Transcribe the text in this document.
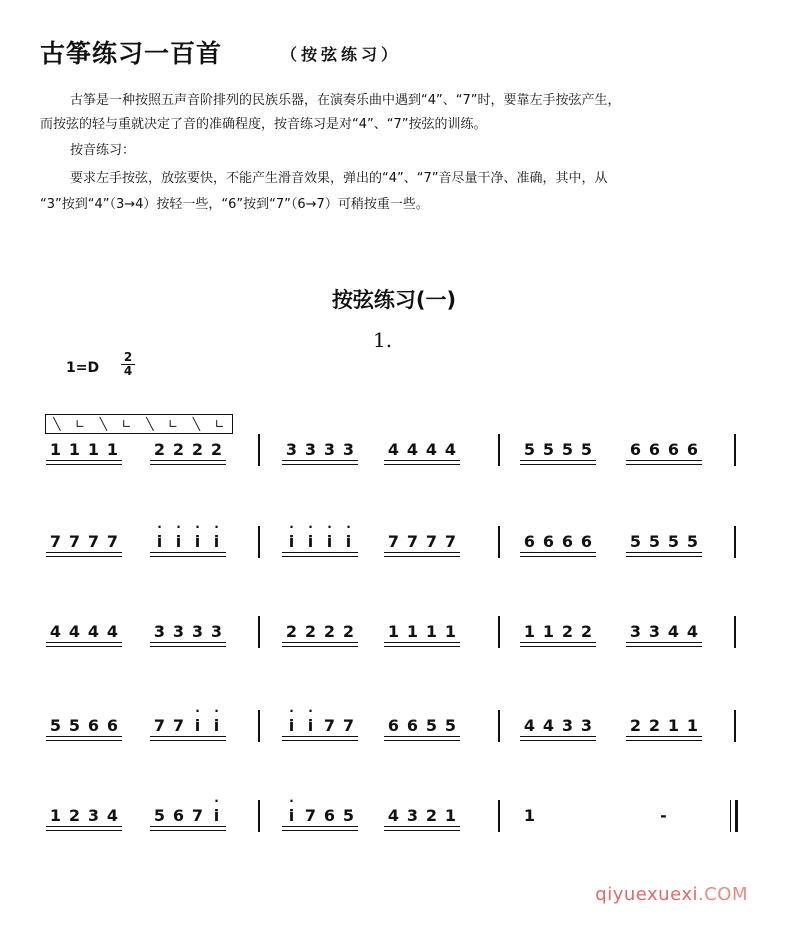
古筝练习一百首	（按弦练习）
古筝是一种按照五声音阶排列的民族乐器，在演奏乐曲中遇到“4”、“7”时，要靠左手按弦产生，
而按弦的轻与重就决定了音的准确程度，按音练习是对“4”、“7”按弦的训练。
按音练习：
要求左手按弦，放弦要快，不能产生滑音效果，弹出的“4”、“7”音尽量干净、准确，其中，从
“3”按到“4”（3→4）按轻一些，“6”按到“7”（6→7）可稍按重一些。
按弦练习(一)
1.
1=D
2
4
╲ ∟ ╲ ∟ ╲ ∟ ╲ ∟
1 1 1 1 2 2 2 2	3 3 3 3 4 4 4 4	5 5 5 5 6 6 6 6
7 7 7 7
·
i
·
i
·
i
·
i
·
i
·
i
·
i
·
i	7 7 7 7	6 6 6 6 5 5 5 5
4 4 4 4 3 3 3 3	2 2 2 2 1 1 1 1	1 1 2 2 3 3 4 4
5 5 6 6 7 7
·
i
·
i
·
i
·
i 7 7 6 6 5 5	4 4 3 3 2 2 1 1
1 2 3 4 5 6 7
·
i
·
i 7 6 5 4 3 2 1	1	-
qiyuexuexi.COM
